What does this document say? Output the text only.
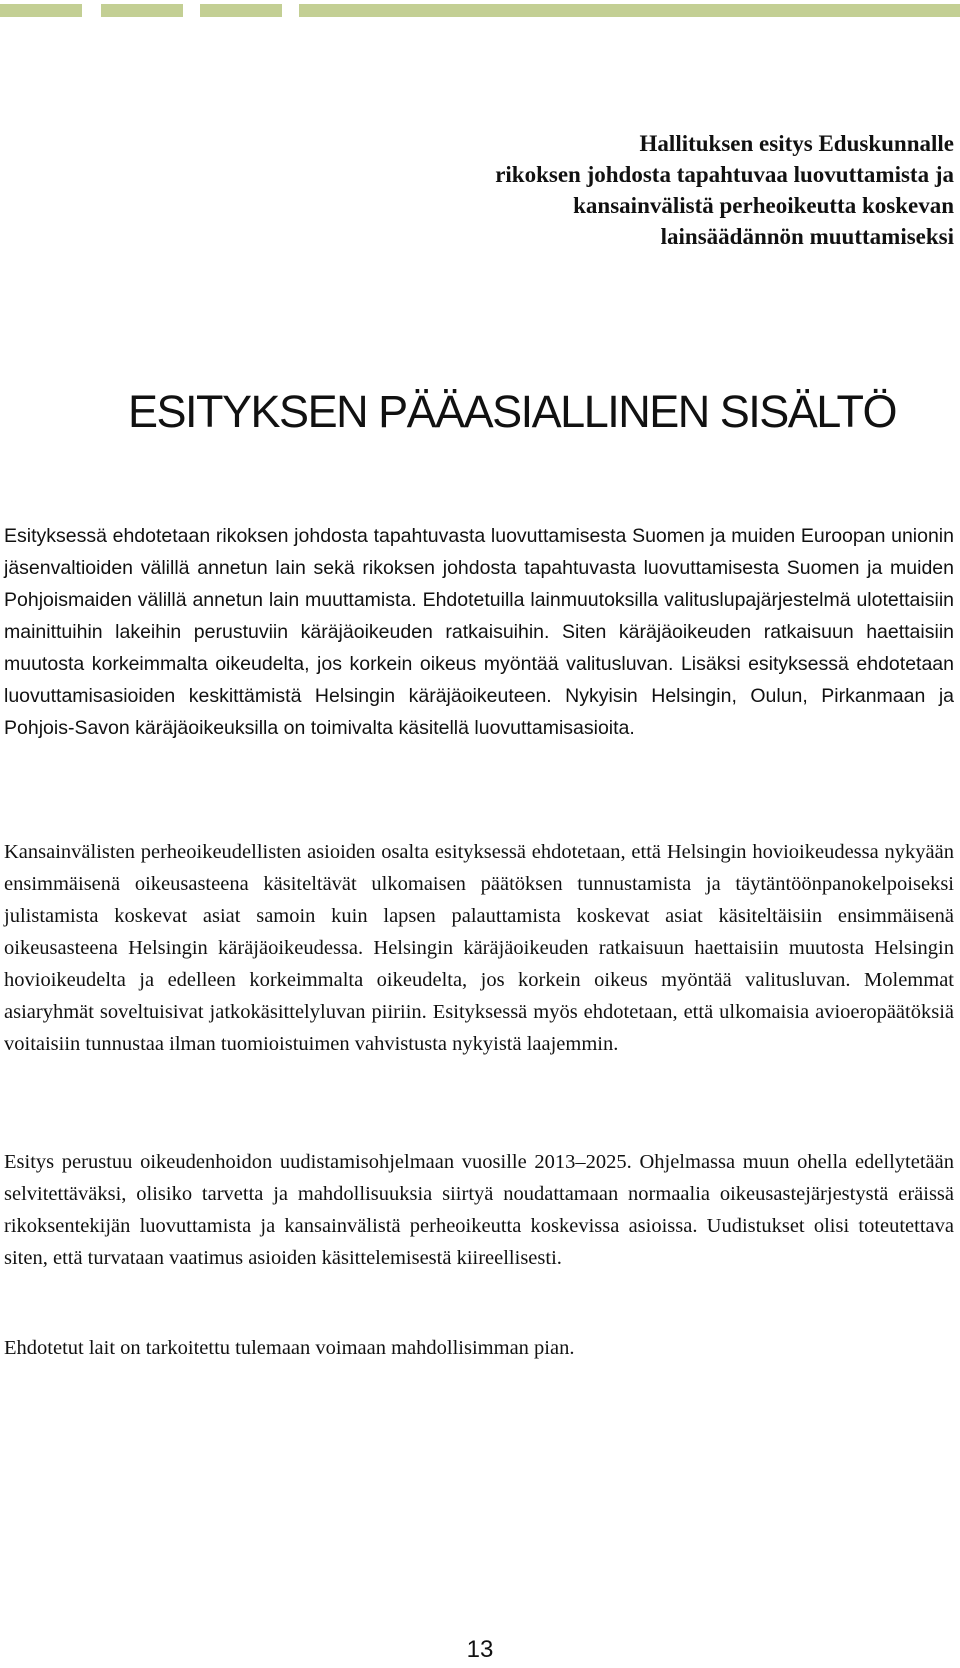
Hallituksen esitys Eduskunnalle
rikoksen johdosta tapahtuvaa luovuttamista ja
kansainvälistä perheoikeutta koskevan
lainsäädännön muuttamiseksi
ESITYKSEN PÄÄASIALLINEN SISÄLTÖ

Esityksessä ehdotetaan rikoksen johdosta tapahtuvasta luovuttamisesta Suomen ja muiden Euroopan unionin jäsenvaltioiden välillä annetun lain sekä rikoksen johdosta tapahtuvasta luovuttamisesta Suomen ja muiden Pohjoismaiden välillä annetun lain muuttamista. Ehdotetuilla lainmuutoksilla valituslupajärjestelmä ulotettaisiin mainittuihin lakeihin perustuviin käräjäoikeuden ratkaisuihin. Siten käräjäoikeuden ratkaisuun haettaisiin muutosta korkeimmalta oikeudelta, jos korkein oikeus myöntää valitusluvan. Lisäksi esityksessä ehdotetaan luovuttamisasioiden keskittämistä Helsingin käräjäoikeuteen. Nykyisin Helsingin, Oulun, Pirkanmaan ja Pohjois-Savon käräjäoikeuksilla on toimivalta käsitellä luovuttamisasioita.

Kansainvälisten perheoikeudellisten asioiden osalta esityksessä ehdotetaan, että Helsingin hovioikeudessa nykyään ensimmäisenä oikeusasteena käsiteltävät ulkomaisen päätöksen tunnustamista ja täytäntöönpanokelpoiseksi julistamista koskevat asiat samoin kuin lapsen palauttamista koskevat asiat käsiteltäisiin ensimmäisenä oikeusasteena Helsingin käräjäoikeudessa. Helsingin käräjäoikeuden ratkaisuun haettaisiin muutosta Helsingin hovioikeudelta ja edelleen korkeimmalta oikeudelta, jos korkein oikeus myöntää valitusluvan. Molemmat asiaryhmät soveltuisivat jatkokäsittelyluvan piiriin. Esityksessä myös ehdotetaan, että ulkomaisia avioeropäätöksiä voitaisiin tunnustaa ilman tuomioistuimen vahvistusta nykyistä laajemmin.

Esitys perustuu oikeudenhoidon uudistamisohjelmaan vuosille 2013–2025. Ohjelmassa muun ohella edellytetään selvitettäväksi, olisiko tarvetta ja mahdollisuuksia siirtyä noudattamaan normaalia oikeusastejärjestystä eräissä rikoksentekijän luovuttamista ja kansainvälistä perheoikeutta koskevissa asioissa. Uudistukset olisi toteutettava siten, että turvataan vaatimus asioiden käsittelemisestä kiireellisesti.

Ehdotetut lait on tarkoitettu tulemaan voimaan mahdollisimman pian.

13
